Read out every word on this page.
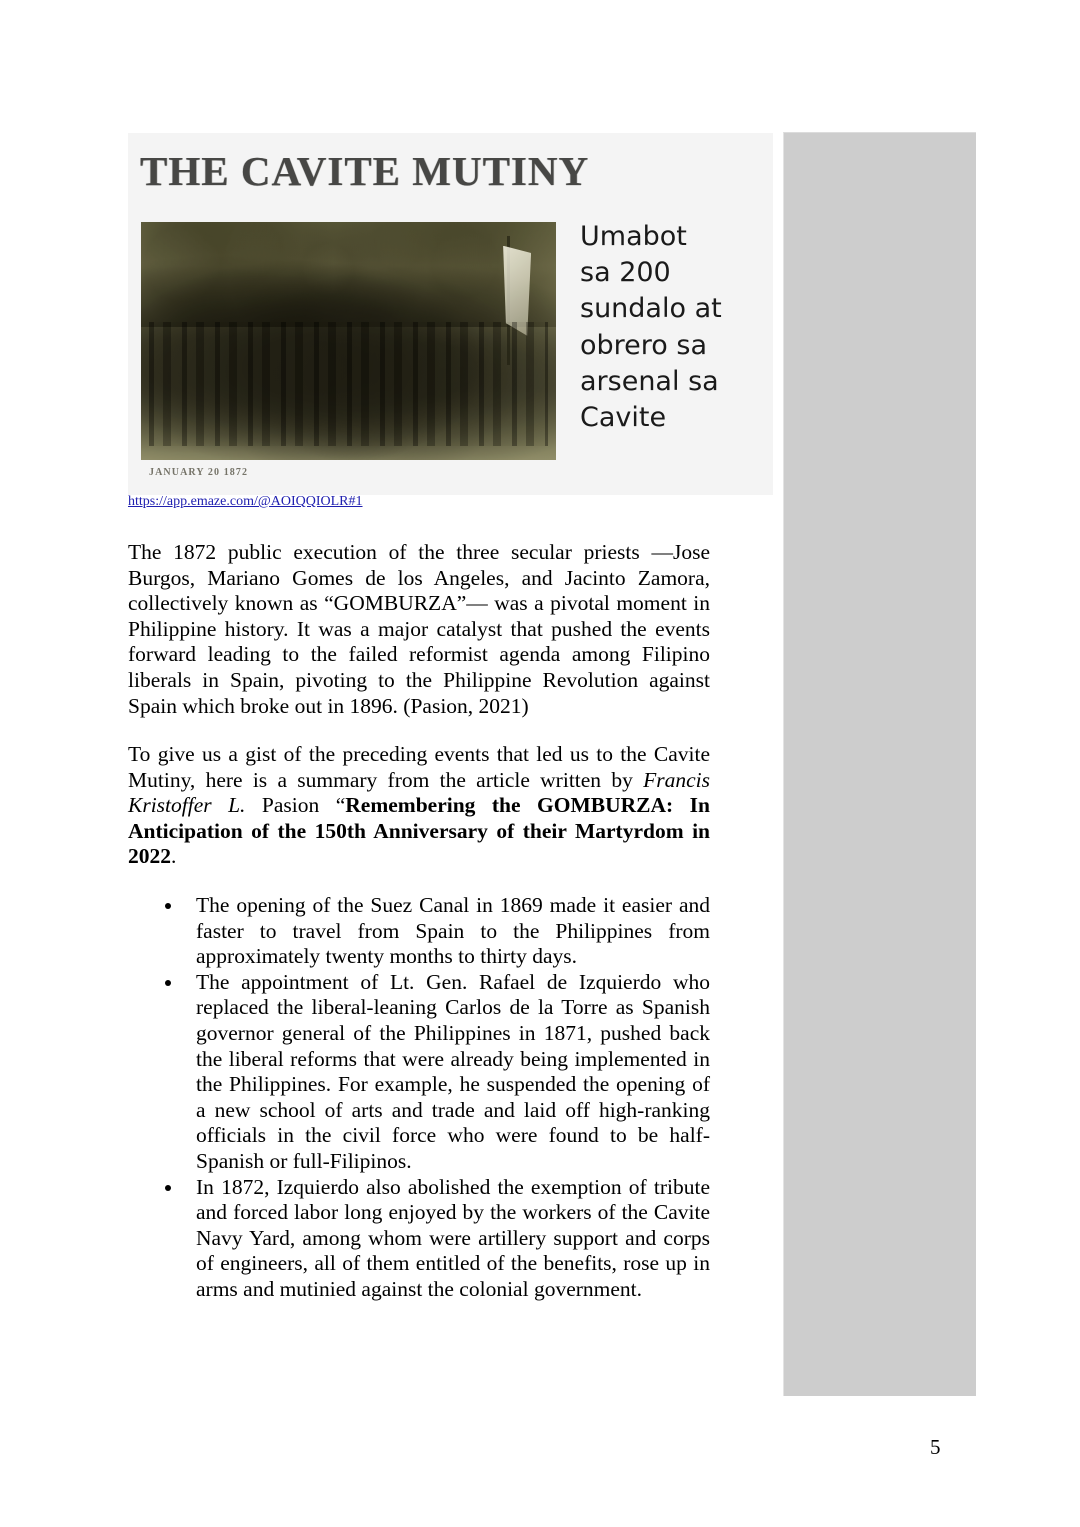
THE CAVITE MUTINY
JANUARY 20 1872
Umabot
sa 200
sundalo at
obrero sa
arsenal sa
Cavite
https://app.emaze.com/@AOIQQIOLR#1
The 1872 public execution of the three secular priests —Jose Burgos, Mariano Gomes de los Angeles, and Jacinto Zamora, collectively known as “GOMBURZA”— was a pivotal moment in Philippine history. It was a major catalyst that pushed the events forward leading to the failed reformist agenda among Filipino liberals in Spain, pivoting to the Philippine Revolution against Spain which broke out in 1896. (Pasion, 2021)
To give us a gist of the preceding events that led us to the Cavite Mutiny, here is a summary from the article written by Francis Kristoffer L. Pasion “Remembering the GOMBURZA: In Anticipation of the 150th Anniversary of their Martyrdom in 2022.
The opening of the Suez Canal in 1869 made it easier and faster to travel from Spain to the Philippines from approximately twenty months to thirty days.
The appointment of Lt. Gen. Rafael de Izquierdo who replaced the liberal-leaning Carlos de la Torre as Spanish governor general of the Philippines in 1871, pushed back the liberal reforms that were already being implemented in the Philippines. For example, he suspended the opening of a new school of arts and trade and laid off high-ranking officials in the civil force who were found to be half-Spanish or full-Filipinos.
In 1872, Izquierdo also abolished the exemption of tribute and forced labor long enjoyed by the workers of the Cavite Navy Yard, among whom were artillery support and corps of engineers, all of them entitled of the benefits, rose up in arms and mutinied against the colonial government.
5
